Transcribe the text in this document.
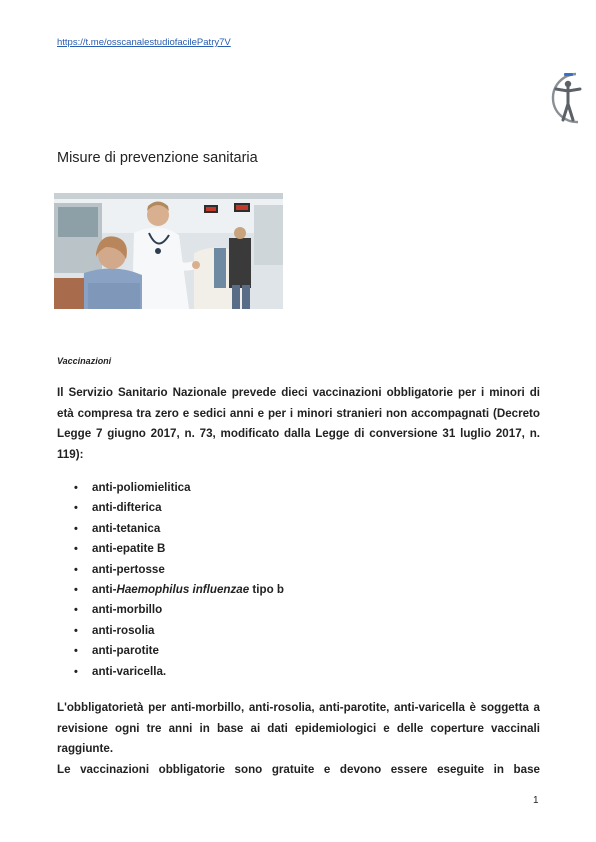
https://t.me/osscanalestudiofacilePatry7V
Misure di prevenzione sanitaria
Vaccinazioni
Il Servizio Sanitario Nazionale prevede dieci vaccinazioni obbligatorie per i minori di età compresa tra zero e sedici anni e per i minori stranieri non accompagnati (Decreto Legge 7 giugno 2017, n. 73, modificato dalla Legge di conversione 31 luglio 2017, n. 119):
• anti-poliomielitica
• anti-difterica
• anti-tetanica
• anti-epatite B
• anti-pertosse
• anti-Haemophilus influenzae tipo b
• anti-morbillo
• anti-rosolia
• anti-parotite
• anti-varicella.
L'obbligatorietà per anti-morbillo, anti-rosolia, anti-parotite, anti-varicella è soggetta a revisione ogni tre anni in base ai dati epidemiologici e delle coperture vaccinali raggiunte.
Le vaccinazioni obbligatorie sono gratuite e devono essere eseguite in base
1
